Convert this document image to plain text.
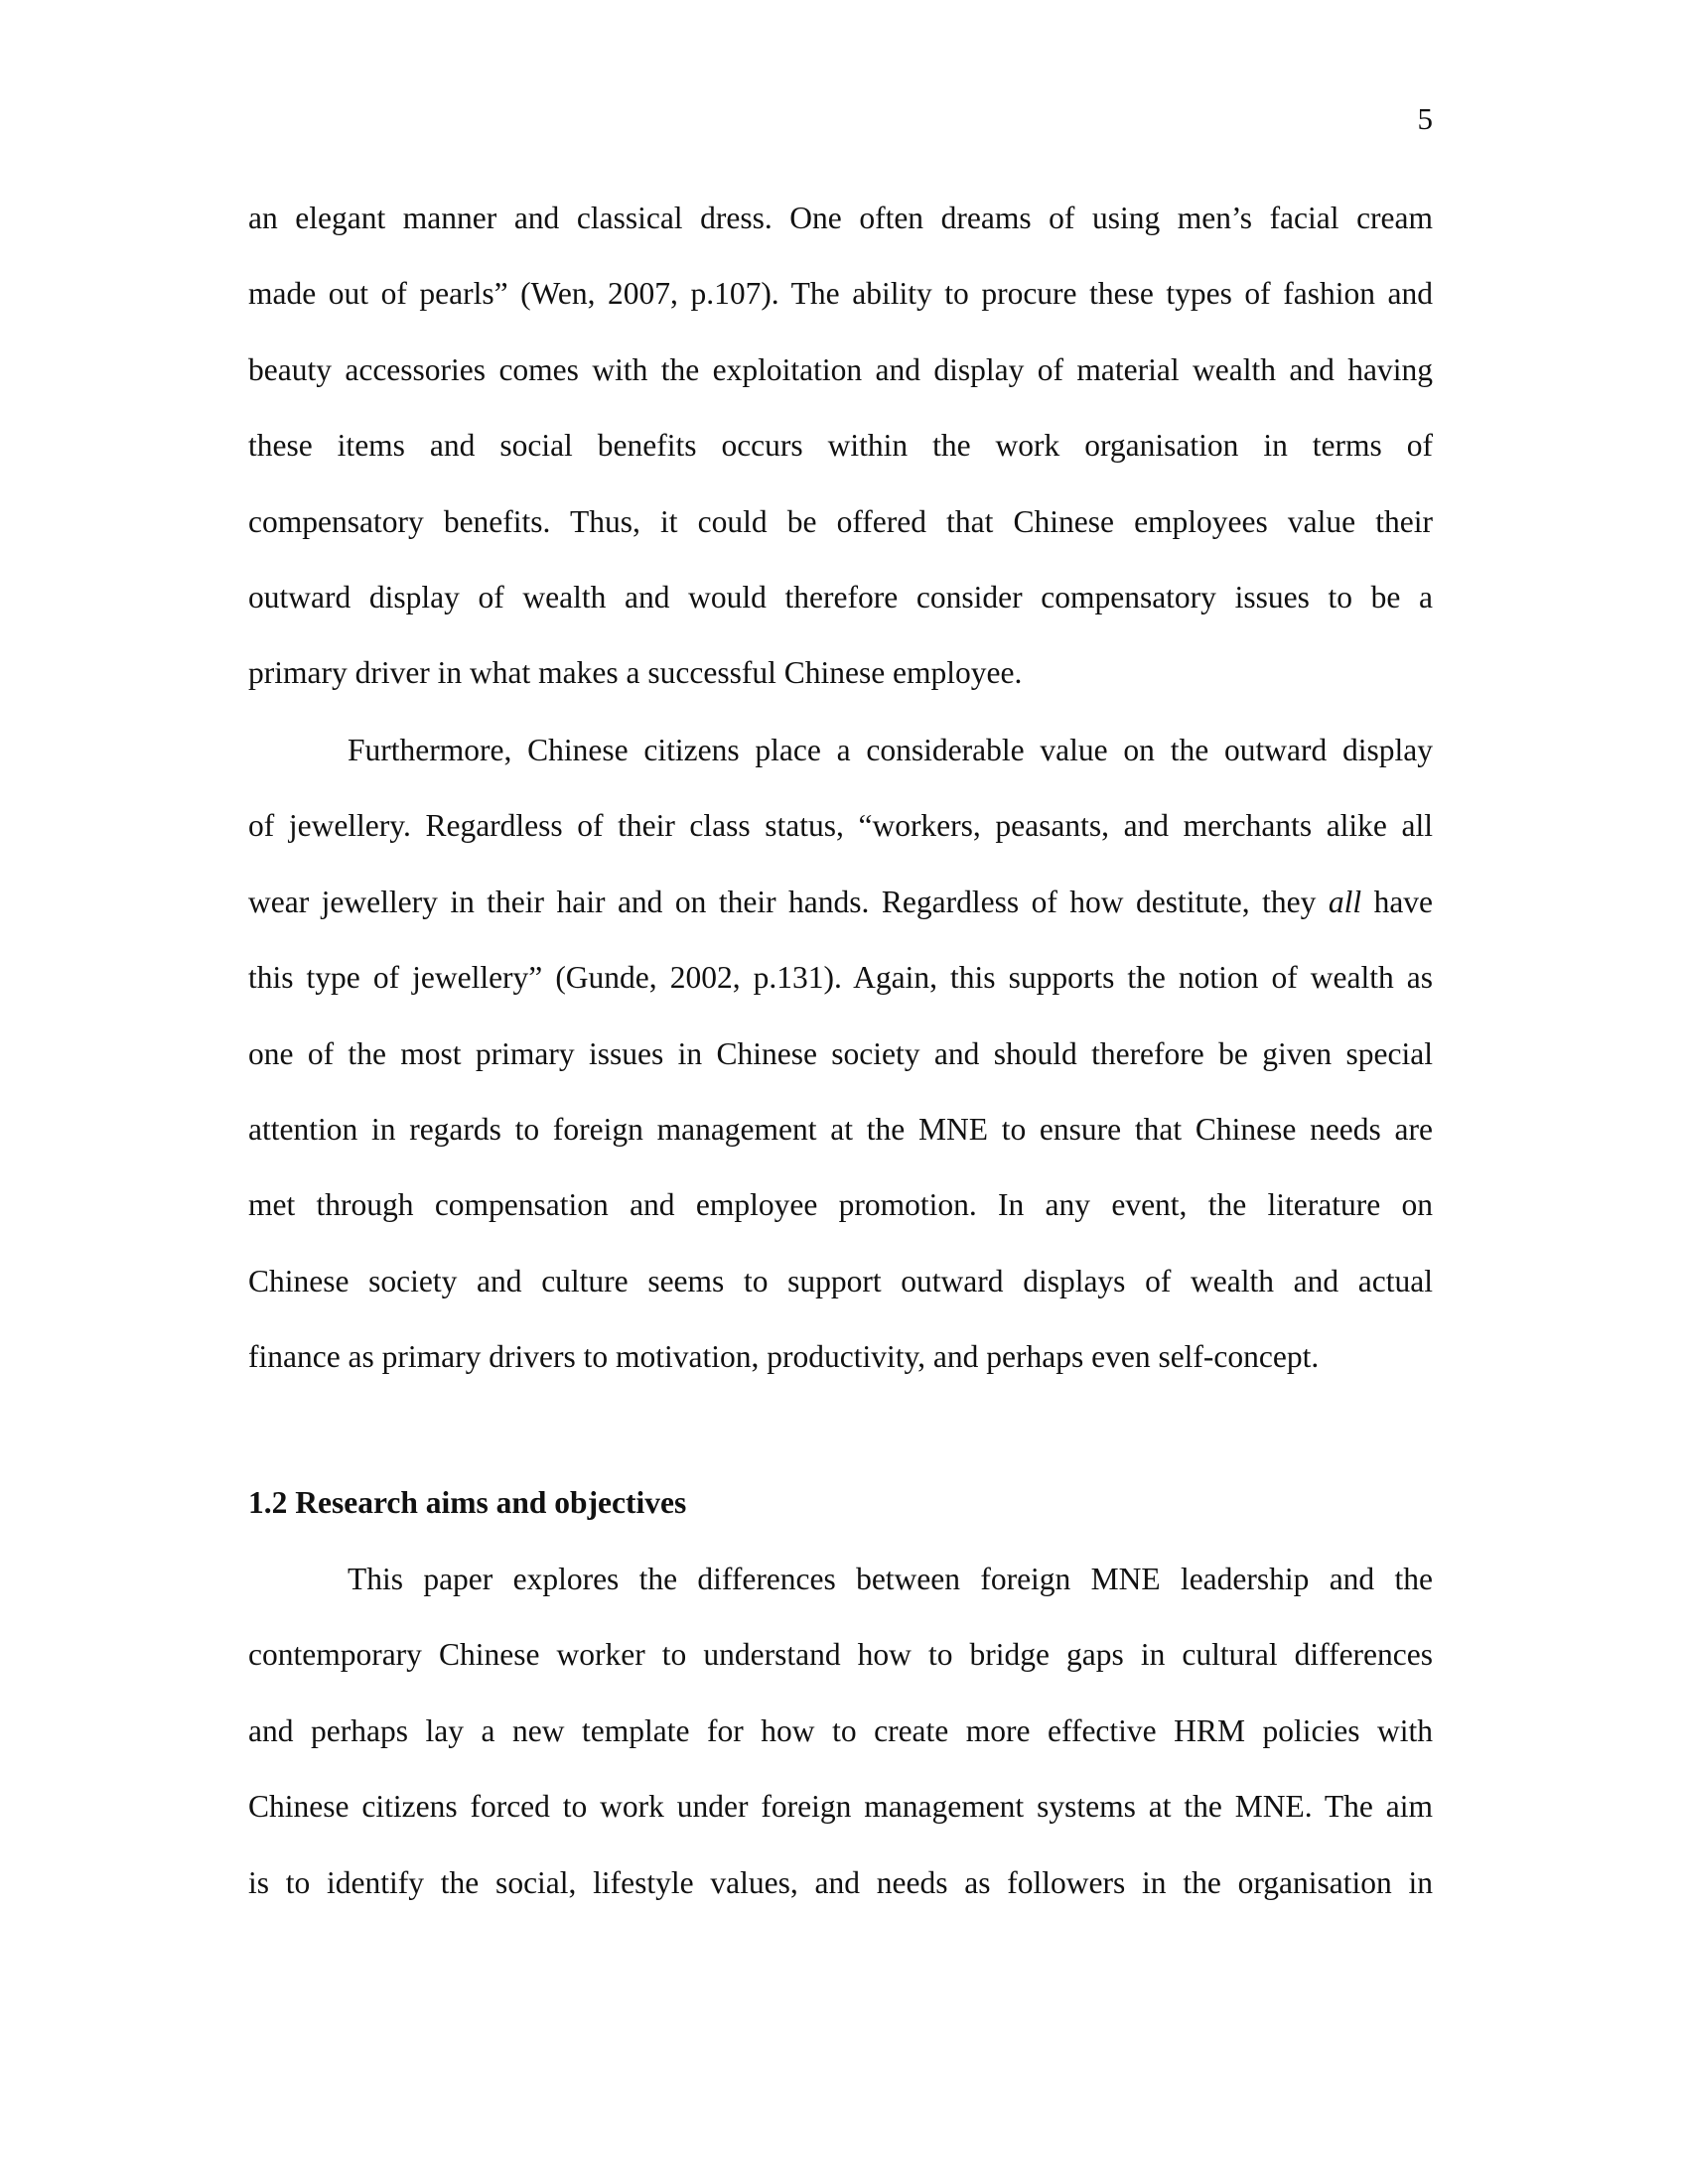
5
an elegant manner and classical dress. One often dreams of using men’s facial cream
made out of pearls” (Wen, 2007, p.107). The ability to procure these types of fashion and
beauty accessories comes with the exploitation and display of material wealth and having
these items and social benefits occurs within the work organisation in terms of
compensatory benefits. Thus, it could be offered that Chinese employees value their
outward display of wealth and would therefore consider compensatory issues to be a
primary driver in what makes a successful Chinese employee.
Furthermore, Chinese citizens place a considerable value on the outward display
of jewellery. Regardless of their class status, “workers, peasants, and merchants alike all
wear jewellery in their hair and on their hands. Regardless of how destitute, they all have
this type of jewellery” (Gunde, 2002, p.131). Again, this supports the notion of wealth as
one of the most primary issues in Chinese society and should therefore be given special
attention in regards to foreign management at the MNE to ensure that Chinese needs are
met through compensation and employee promotion. In any event, the literature on
Chinese society and culture seems to support outward displays of wealth and actual
finance as primary drivers to motivation, productivity, and perhaps even self-concept.
1.2 Research aims and objectives
This paper explores the differences between foreign MNE leadership and the
contemporary Chinese worker to understand how to bridge gaps in cultural differences
and perhaps lay a new template for how to create more effective HRM policies with
Chinese citizens forced to work under foreign management systems at the MNE. The aim
is to identify the social, lifestyle values, and needs as followers in the organisation in
